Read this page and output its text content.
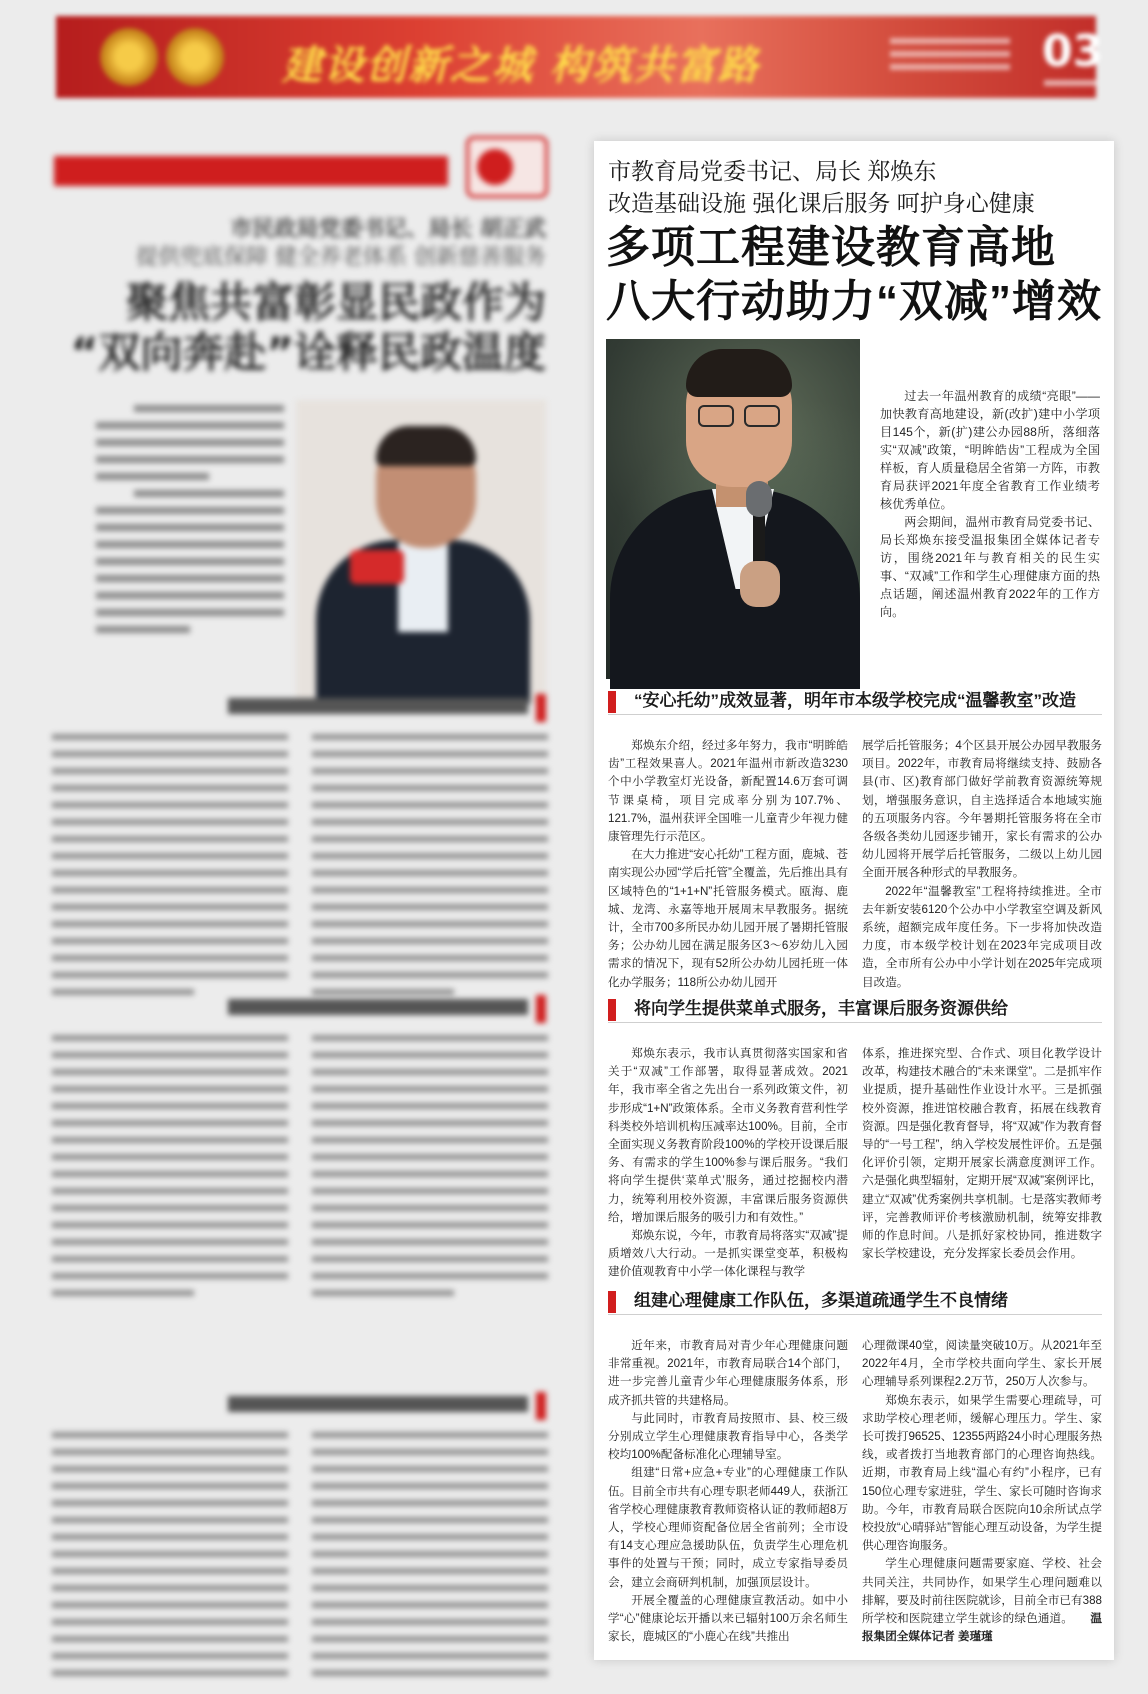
建设创新之城 构筑共富路	03
市民政局党委书记、局长 胡正武
提供兜底保障 健全养老体系 创新慈善服务
聚焦共富彰显民政作为
“双向奔赴”诠释民政温度
市教育局党委书记、局长 郑焕东
改造基础设施 强化课后服务 呵护身心健康
多项工程建设教育高地
八大行动助力“双减”增效

过去一年温州教育的成绩“亮眼”——加快教育高地建设，新(改扩)建中小学项目145个，新(扩)建公办园88所，落细落实“双减”政策，“明眸皓齿”工程成为全国样板，育人质量稳居全省第一方阵，市教育局获评2021年度全省教育工作业绩考核优秀单位。

两会期间，温州市教育局党委书记、局长郑焕东接受温报集团全媒体记者专访，围绕2021年与教育相关的民生实事、“双减”工作和学生心理健康方面的热点话题，阐述温州教育2022年的工作方向。

“安心托幼”成效显著，明年市本级学校完成“温馨教室”改造

郑焕东介绍，经过多年努力，我市“明眸皓齿”工程效果喜人。2021年温州市新改造3230个中小学教室灯光设备，新配置14.6万套可调节课桌椅，项目完成率分别为107.7%、121.7%，温州获评全国唯一儿童青少年视力健康管理先行示范区。

在大力推进“安心托幼”工程方面，鹿城、苍南实现公办园“学后托管”全覆盖，先后推出具有区域特色的“1+1+N”托管服务模式。瓯海、鹿城、龙湾、永嘉等地开展周末早教服务。据统计，全市700多所民办幼儿园开展了暑期托管服务；公办幼儿园在满足服务区3～6岁幼儿入园需求的情况下，现有52所公办幼儿园托班一体化办学服务；118所公办幼儿园开

展学后托管服务；4个区县开展公办园早教服务项目。2022年，市教育局将继续支持、鼓励各县(市、区)教育部门做好学前教育资源统筹规划，增强服务意识，自主选择适合本地域实施的五项服务内容。今年暑期托管服务将在全市各级各类幼儿园逐步铺开，家长有需求的公办幼儿园将开展学后托管服务，二级以上幼儿园全面开展各种形式的早教服务。

2022年“温馨教室”工程将持续推进。全市去年新安装6120个公办中小学教室空调及新风系统，超额完成年度任务。下一步将加快改造力度，市本级学校计划在2023年完成项目改造，全市所有公办中小学计划在2025年完成项目改造。

将向学生提供菜单式服务，丰富课后服务资源供给

郑焕东表示，我市认真贯彻落实国家和省关于“双减”工作部署，取得显著成效。2021年，我市率全省之先出台一系列政策文件，初步形成“1+N”政策体系。全市义务教育营利性学科类校外培训机构压减率达100%。目前，全市全面实现义务教育阶段100%的学校开设课后服务、有需求的学生100%参与课后服务。“我们将向学生提供‘菜单式’服务，通过挖掘校内潜力，统筹利用校外资源，丰富课后服务资源供给，增加课后服务的吸引力和有效性。”

郑焕东说，今年，市教育局将落实“双减”提质增效八大行动。一是抓实课堂变革，积极构建价值观教育中小学一体化课程与教学

体系，推进探究型、合作式、项目化教学设计改革，构建技术融合的“未来课堂”。二是抓牢作业提质，提升基础性作业设计水平。三是抓强校外资源，推进馆校融合教育，拓展在线教育资源。四是强化教育督导，将“双减”作为教育督导的“一号工程”，纳入学校发展性评价。五是强化评价引领，定期开展家长满意度测评工作。六是强化典型辐射，定期开展“双减”案例评比，建立“双减”优秀案例共享机制。七是落实教师考评，完善教师评价考核激励机制，统筹安排教师的作息时间。八是抓好家校协同，推进数字家长学校建设，充分发挥家长委员会作用。

组建心理健康工作队伍，多渠道疏通学生不良情绪

近年来，市教育局对青少年心理健康问题非常重视。2021年，市教育局联合14个部门，进一步完善儿童青少年心理健康服务体系，形成齐抓共管的共建格局。

与此同时，市教育局按照市、县、校三级分别成立学生心理健康教育指导中心，各类学校均100%配备标准化心理辅导室。

组建“日常+应急+专业”的心理健康工作队伍。目前全市共有心理专职老师449人，获浙江省学校心理健康教育教师资格认证的教师超8万人，学校心理师资配备位居全省前列；全市设有14支心理应急援助队伍，负责学生心理危机事件的处置与干预；同时，成立专家指导委员会，建立会商研判机制，加强顶层设计。

开展全覆盖的心理健康宣教活动。如中小学“心”健康论坛开播以来已辐射100万余名师生家长，鹿城区的“小鹿心在线”共推出

心理微课40堂，阅读量突破10万。从2021年至2022年4月，全市学校共面向学生、家长开展心理辅导系列课程2.2万节，250万人次参与。

郑焕东表示，如果学生需要心理疏导，可求助学校心理老师，缓解心理压力。学生、家长可拨打96525、12355两路24小时心理服务热线，或者拨打当地教育部门的心理咨询热线。近期，市教育局上线“温心有约”小程序，已有150位心理专家进驻，学生、家长可随时咨询求助。今年，市教育局联合医院向10余所试点学校投放“心晴驿站”智能心理互动设备，为学生提供心理咨询服务。

学生心理健康问题需要家庭、学校、社会共同关注，共同协作，如果学生心理问题难以排解，要及时前往医院就诊，目前全市已有388所学校和医院建立学生就诊的绿色通道。 温报集团全媒体记者 姜瑾瑾
